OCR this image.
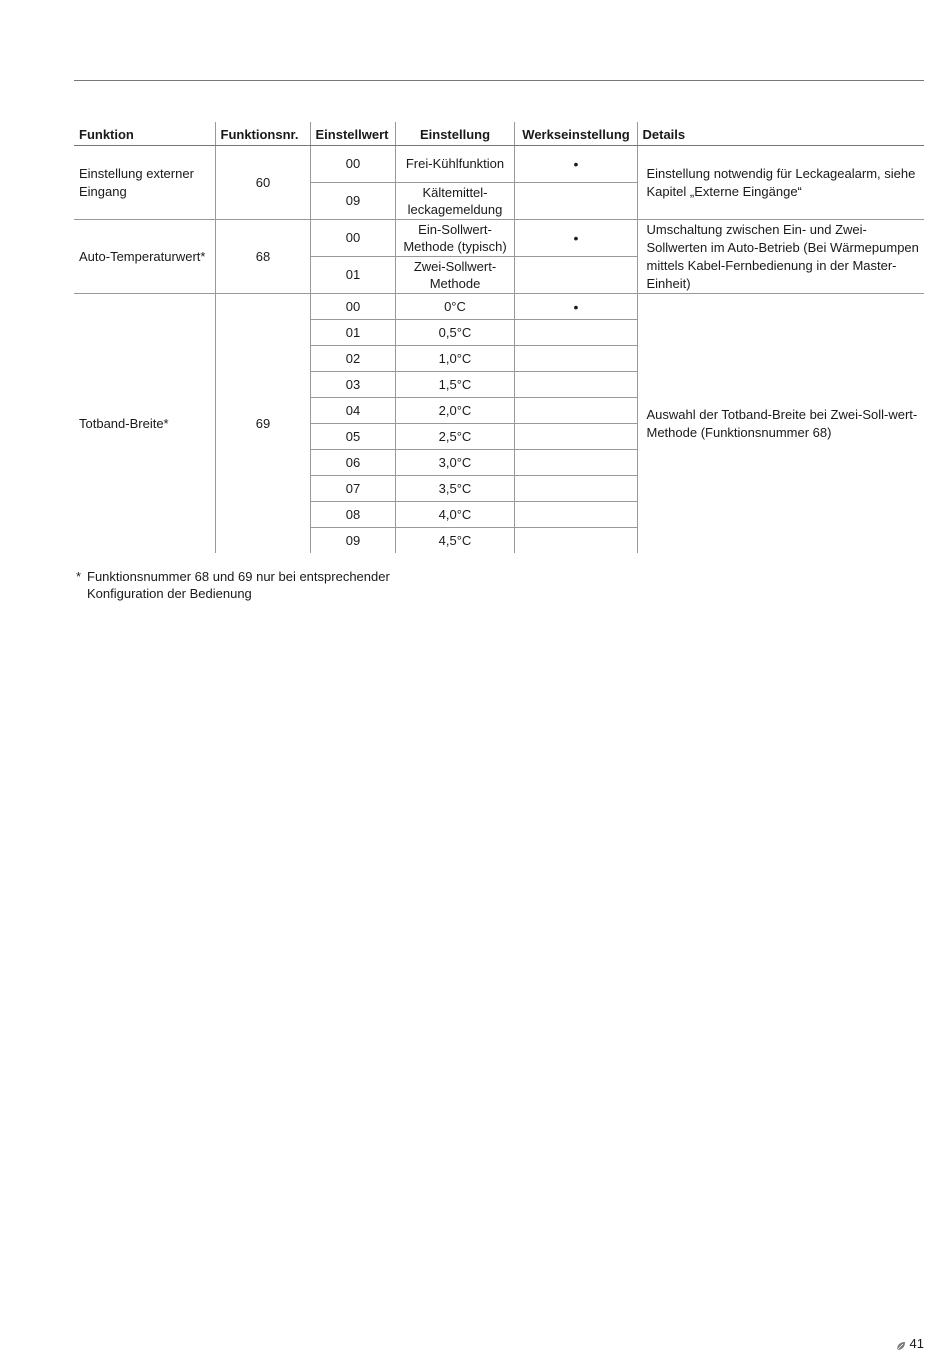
Funktion	Funktionsnr.	Einstellwert	Einstellung	Werkseinstellung	Details
Einstellung externer Eingang	60	00	Frei-Kühlfunktion	•	Einstellung notwendig für Leckagealarm, siehe Kapitel „Externe Eingänge“
		09	Kältemittel-leckagemeldung		
Auto-Temperaturwert*	68	00	Ein-Sollwert-Methode (typisch)	•	Umschaltung zwischen Ein- und Zwei-Sollwerten im Auto-Betrieb (Bei Wärmepumpen mittels Kabel-Fernbedienung in der Master-Einheit)
		01	Zwei-Sollwert-Methode		
Totband-Breite*	69	00	0°C	•	Auswahl der Totband-Breite bei Zwei-Soll-wert-Methode (Funktionsnummer 68)
		01	0,5°C		
		02	1,0°C		
		03	1,5°C		
		04	2,0°C		
		05	2,5°C		
		06	3,0°C		
		07	3,5°C		
		08	4,0°C		
		09	4,5°C		
* Funktionsnummer 68 und 69 nur bei entsprechender
Konfiguration der Bedienung
41
